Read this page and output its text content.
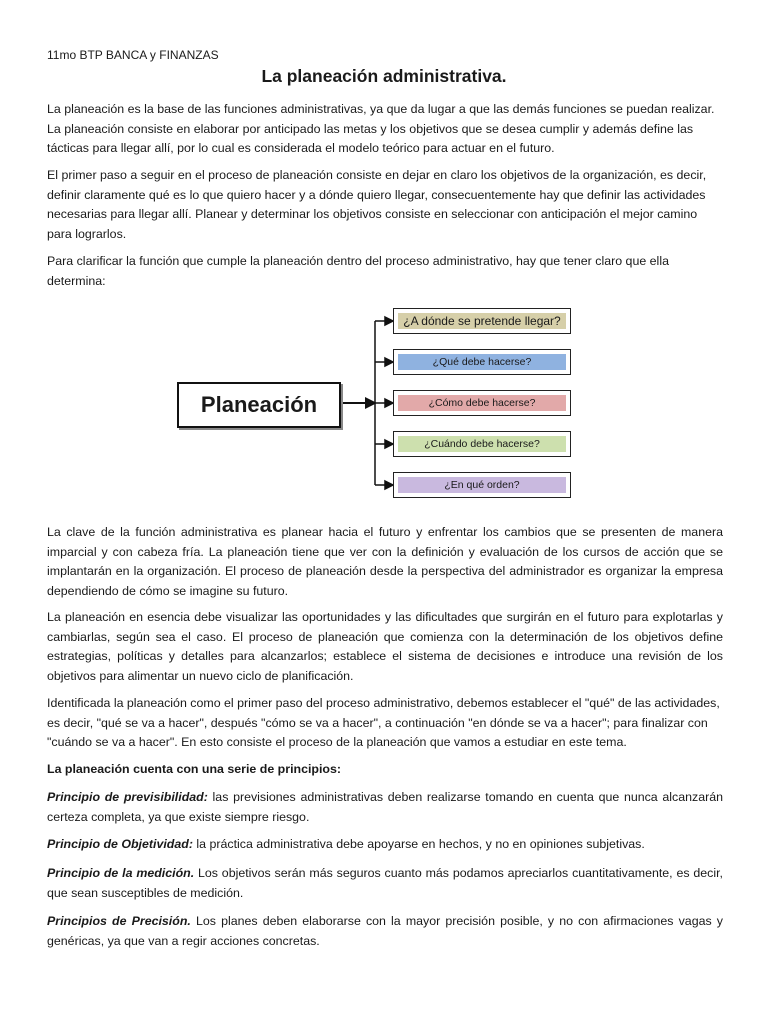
11mo BTP BANCA y FINANZAS
La planeación administrativa.
La planeación es la base de las funciones administrativas, ya que da lugar a que las demás funciones se puedan realizar. La planeación consiste en elaborar por anticipado las metas y los objetivos que se desea cumplir y además define las tácticas para llegar allí, por lo cual es considerada el modelo teórico para actuar en el futuro.
El primer paso a seguir en el proceso de planeación consiste en dejar en claro los objetivos de la organización, es decir, definir claramente qué es lo que quiero hacer y a dónde quiero llegar, consecuentemente hay que definir las actividades necesarias para llegar allí. Planear y determinar los objetivos consiste en seleccionar con anticipación el mejor camino para lograrlos.
Para clarificar la función que cumple la planeación dentro del proceso administrativo, hay que tener claro que ella determina:
Planeación
¿A dónde se pretende llegar?
¿Qué debe hacerse?
¿Cómo debe hacerse?
¿Cuándo debe hacerse?
¿En qué orden?
La clave de la función administrativa es planear hacia el futuro y enfrentar los cambios que se presenten de manera imparcial y con cabeza fría. La planeación tiene que ver con la definición y evaluación de los cursos de acción que se implantarán en la organización. El proceso de planeación desde la perspectiva del administrador es organizar la empresa dependiendo de cómo se imagine su futuro.
La planeación en esencia debe visualizar las oportunidades y las dificultades que surgirán en el futuro para explotarlas y cambiarlas, según sea el caso. El proceso de planeación que comienza con la determinación de los objetivos define estrategias, políticas y detalles para alcanzarlos; establece el sistema de decisiones e introduce una revisión de los objetivos para alimentar un nuevo ciclo de planificación.
Identificada la planeación como el primer paso del proceso administrativo, debemos establecer el "qué" de las actividades, es decir, "qué se va a hacer", después "cómo se va a hacer", a continuación "en dónde se va a hacer"; para finalizar con "cuándo se va a hacer". En esto consiste el proceso de la planeación que vamos a estudiar en este tema.
La planeación cuenta con una serie de principios:
Principio de previsibilidad: las previsiones administrativas deben realizarse tomando en cuenta que nunca alcanzarán certeza completa, ya que existe siempre riesgo.
Principio de Objetividad: la práctica administrativa debe apoyarse en hechos, y no en opiniones subjetivas.
Principio de la medición. Los objetivos serán más seguros cuanto más podamos apreciarlos cuantitativamente, es decir, que sean susceptibles de medición.
Principios de Precisión. Los planes deben elaborarse con la mayor precisión posible, y no con afirmaciones vagas y genéricas, ya que van a regir acciones concretas.
